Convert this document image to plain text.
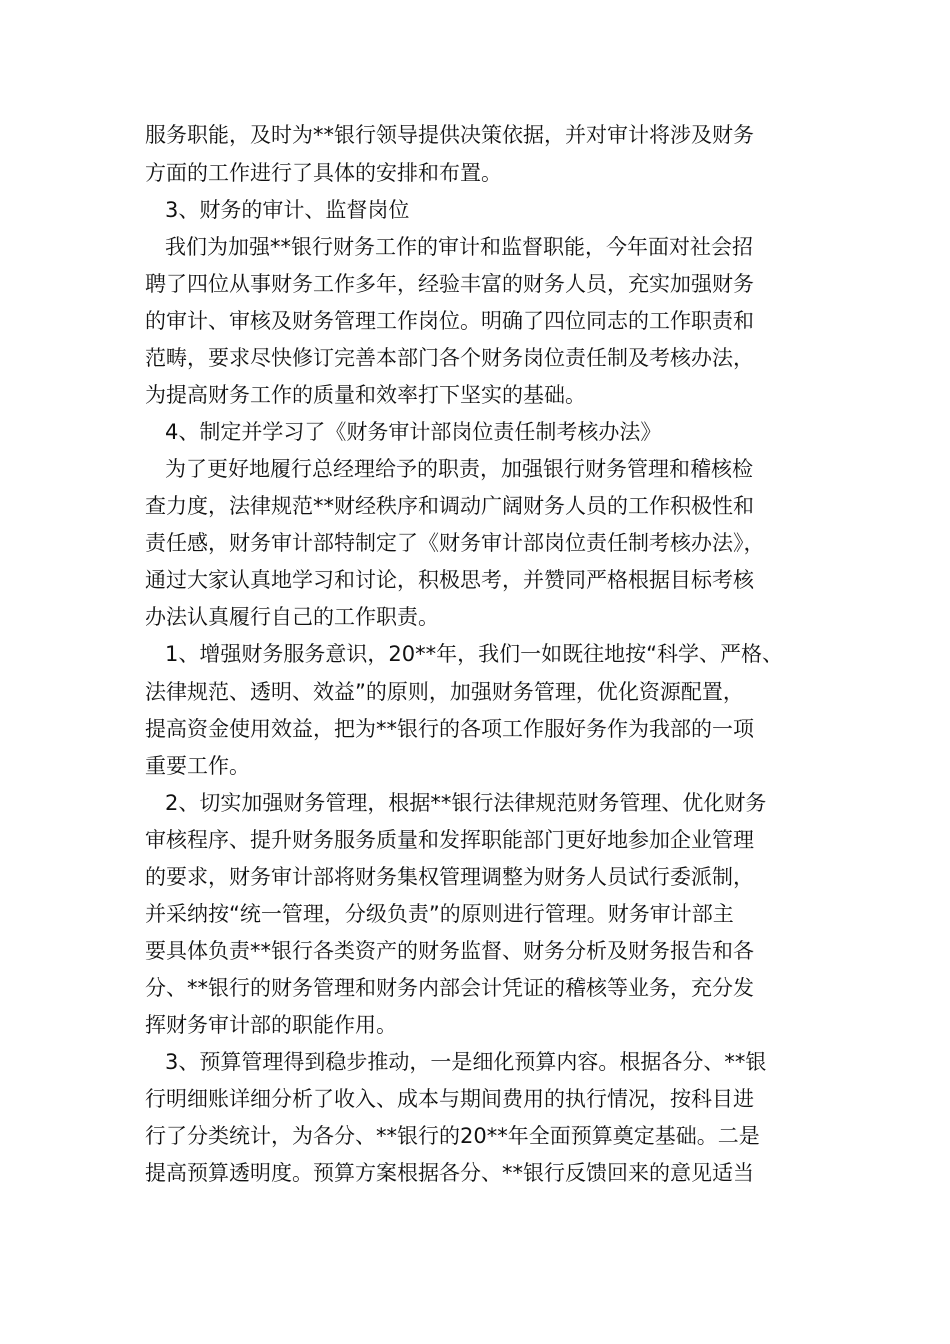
服务职能，及时为**银行领导提供决策依据，并对审计将涉及财务
方面的工作进行了具体的安排和布置。
3、财务的审计、监督岗位
我们为加强**银行财务工作的审计和监督职能，今年面对社会招
聘了四位从事财务工作多年，经验丰富的财务人员，充实加强财务
的审计、审核及财务管理工作岗位。明确了四位同志的工作职责和
范畴，要求尽快修订完善本部门各个财务岗位责任制及考核办法，
为提高财务工作的质量和效率打下坚实的基础。
4、制定并学习了《财务审计部岗位责任制考核办法》
为了更好地履行总经理给予的职责，加强银行财务管理和稽核检
查力度，法律规范**财经秩序和调动广阔财务人员的工作积极性和
责任感，财务审计部特制定了《财务审计部岗位责任制考核办法》，
通过大家认真地学习和讨论，积极思考，并赞同严格根据目标考核
办法认真履行自己的工作职责。
1、增强财务服务意识，20**年，我们一如既往地按“科学、严格、
法律规范、透明、效益”的原则，加强财务管理，优化资源配置，
提高资金使用效益，把为**银行的各项工作服好务作为我部的一项
重要工作。
2、切实加强财务管理，根据**银行法律规范财务管理、优化财务
审核程序、提升财务服务质量和发挥职能部门更好地参加企业管理
的要求，财务审计部将财务集权管理调整为财务人员试行委派制，
并采纳按“统一管理，分级负责”的原则进行管理。财务审计部主
要具体负责**银行各类资产的财务监督、财务分析及财务报告和各
分、**银行的财务管理和财务内部会计凭证的稽核等业务，充分发
挥财务审计部的职能作用。
3、预算管理得到稳步推动，一是细化预算内容。根据各分、**银
行明细账详细分析了收入、成本与期间费用的执行情况，按科目进
行了分类统计，为各分、**银行的20**年全面预算奠定基础。二是
提高预算透明度。预算方案根据各分、**银行反馈回来的意见适当
